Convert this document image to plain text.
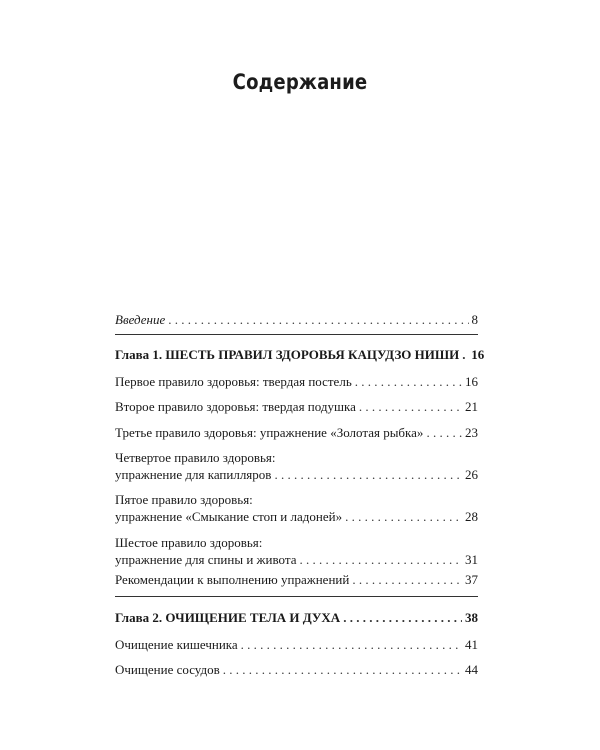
Содержание
Введение . . .	8
Глава 1. ШЕСТЬ ПРАВИЛ ЗДОРОВЬЯ КАЦУДЗО НИШИ . . . 16
Первое правило здоровья: твердая постель . . .	16
Второе правило здоровья: твердая подушка . . .	21
Третье правило здоровья: упражнение «Золотая рыбка» . . .	23
Четвертое правило здоровья:
упражнение для капилляров . . .	26
Пятое правило здоровья:
упражнение «Смыкание стоп и ладоней» . . .	28
Шестое правило здоровья:
упражнение для спины и живота . . .	31
Рекомендации к выполнению упражнений . . .	37
Глава 2. ОЧИЩЕНИЕ ТЕЛА И ДУХА . . .	38
Очищение кишечника . . .	41
Очищение сосудов . . .	44
